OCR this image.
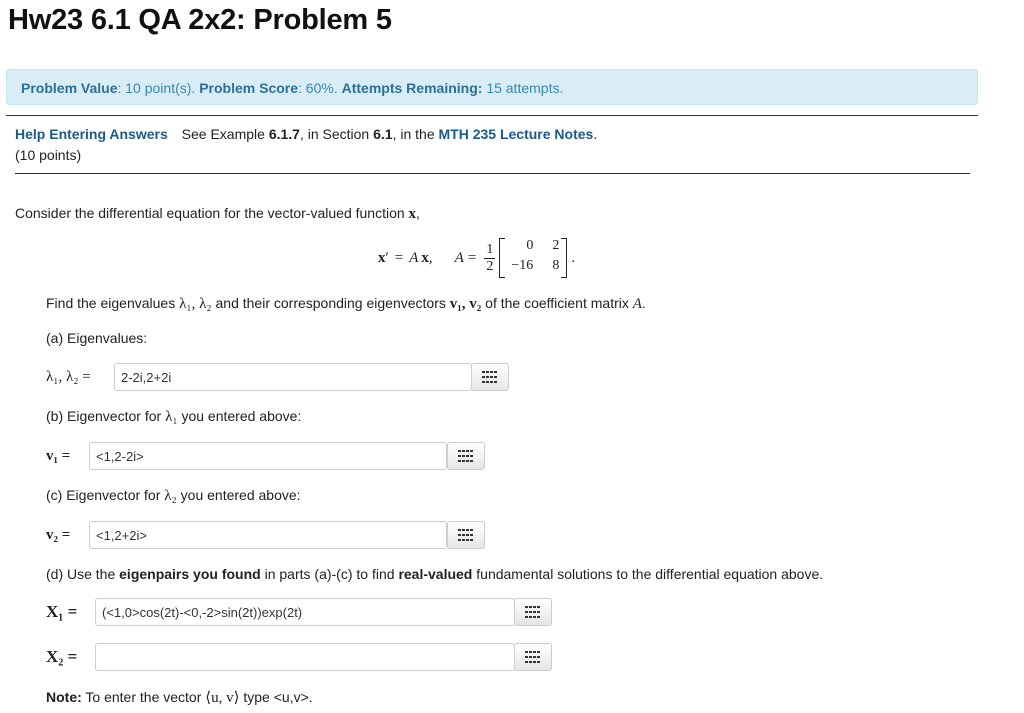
Hw23 6.1 QA 2x2: Problem 5
Problem Value: 10 point(s). Problem Score: 60%. Attempts Remaining: 15 attempts.
Help Entering Answers See Example 6.1.7, in Section 6.1, in the MTH 235 Lecture Notes.
(10 points)
Consider the differential equation for the vector-valued function x,
x ′ = A x , $A = \frac{1}{2}$	0	2
−16	8 .
Find the eigenvalues λ₁, λ₂ and their corresponding eigenvectors v₁, v₂ of the coefficient matrix A.
(a) Eigenvalues:
λ₁, λ₂ =
2-2i,2+2i
(b) Eigenvector for λ₁ you entered above:
v₁ =
<1,2-2i>
(c) Eigenvector for λ₂ you entered above:
v₂ =
<1,2+2i>
(d) Use the eigenpairs you found in parts (a)-(c) to find real-valued fundamental solutions to the differential equation above.
X₁ =
(<1,0>cos(2t)-<0,-2>sin(2t))exp(2t)
X₂ =
Note: To enter the vector ⟨u, v⟩ type <u,v>.
